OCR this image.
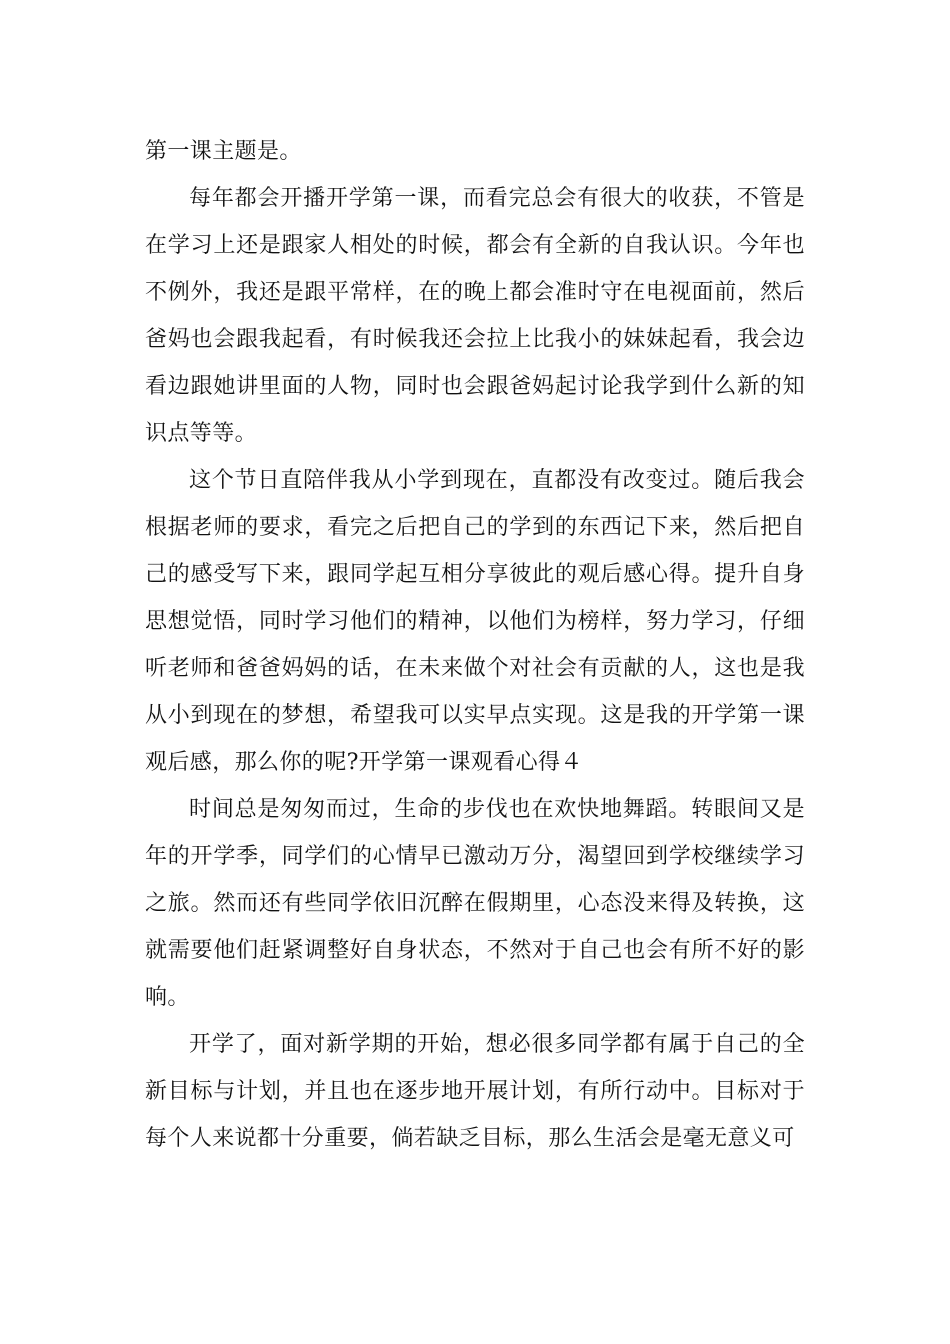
第一课主题是。

每年都会开播开学第一课，而看完总会有很大的收获，不管是在学习上还是跟家人相处的时候，都会有全新的自我认识。今年也不例外，我还是跟平常样，在的晚上都会准时守在电视面前，然后爸妈也会跟我起看，有时候我还会拉上比我小的妹妹起看，我会边看边跟她讲里面的人物，同时也会跟爸妈起讨论我学到什么新的知识点等等。

这个节日直陪伴我从小学到现在，直都没有改变过。随后我会根据老师的要求，看完之后把自己的学到的东西记下来，然后把自己的感受写下来，跟同学起互相分享彼此的观后感心得。提升自身思想觉悟，同时学习他们的精神，以他们为榜样，努力学习，仔细听老师和爸爸妈妈的话，在未来做个对社会有贡献的人，这也是我从小到现在的梦想，希望我可以实早点实现。这是我的开学第一课观后感，那么你的呢?开学第一课观看心得４

时间总是匆匆而过，生命的步伐也在欢快地舞蹈。转眼间又是年的开学季，同学们的心情早已激动万分，渴望回到学校继续学习之旅。然而还有些同学依旧沉醉在假期里，心态没来得及转换，这就需要他们赶紧调整好自身状态，不然对于自己也会有所不好的影响。

开学了，面对新学期的开始，想必很多同学都有属于自己的全新目标与计划，并且也在逐步地开展计划，有所行动中。目标对于每个人来说都十分重要，倘若缺乏目标，那么生活会是毫无意义可
